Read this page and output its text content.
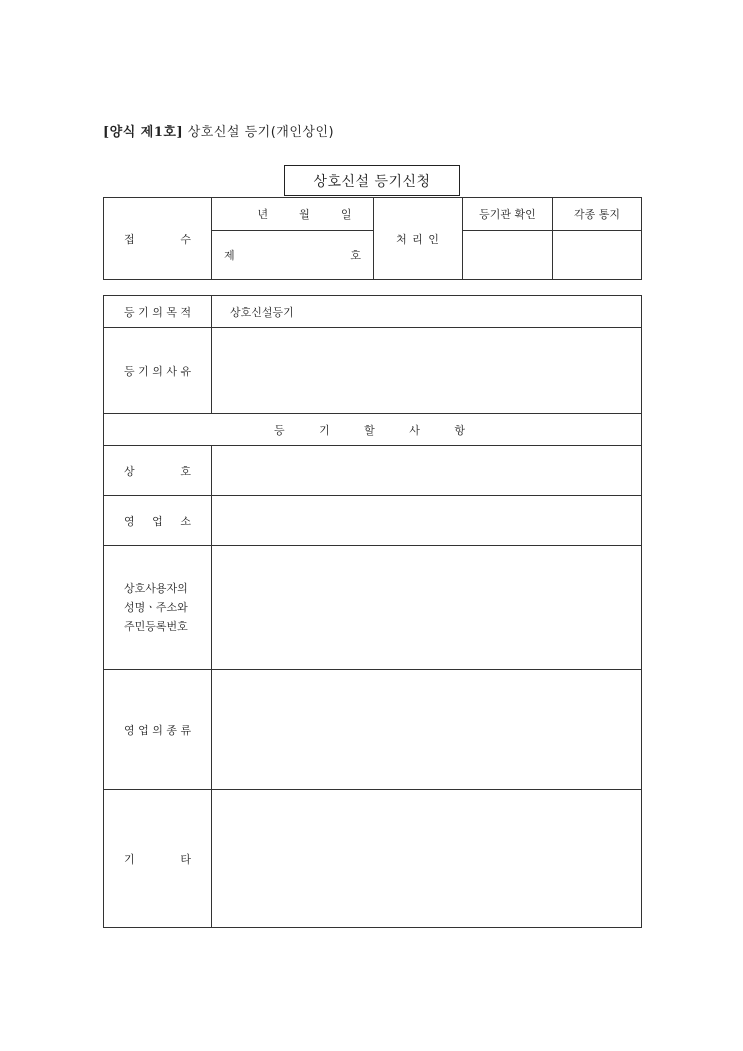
[양식 제1호] 상호신설 등기(개인상인)
상호신설 등기신청
접 수	년 월 일	처 리 인	등기관 확인	각종 통지

	제 호			

등 기 의 목 적	상호신설등기
등 기 의 사 유	
등   기   할   사   항	

상 호	

영 업 소	

상호사용자의
성명ㆍ주소와
주민등록번호	

영 업 의 종 류	

기 타	
